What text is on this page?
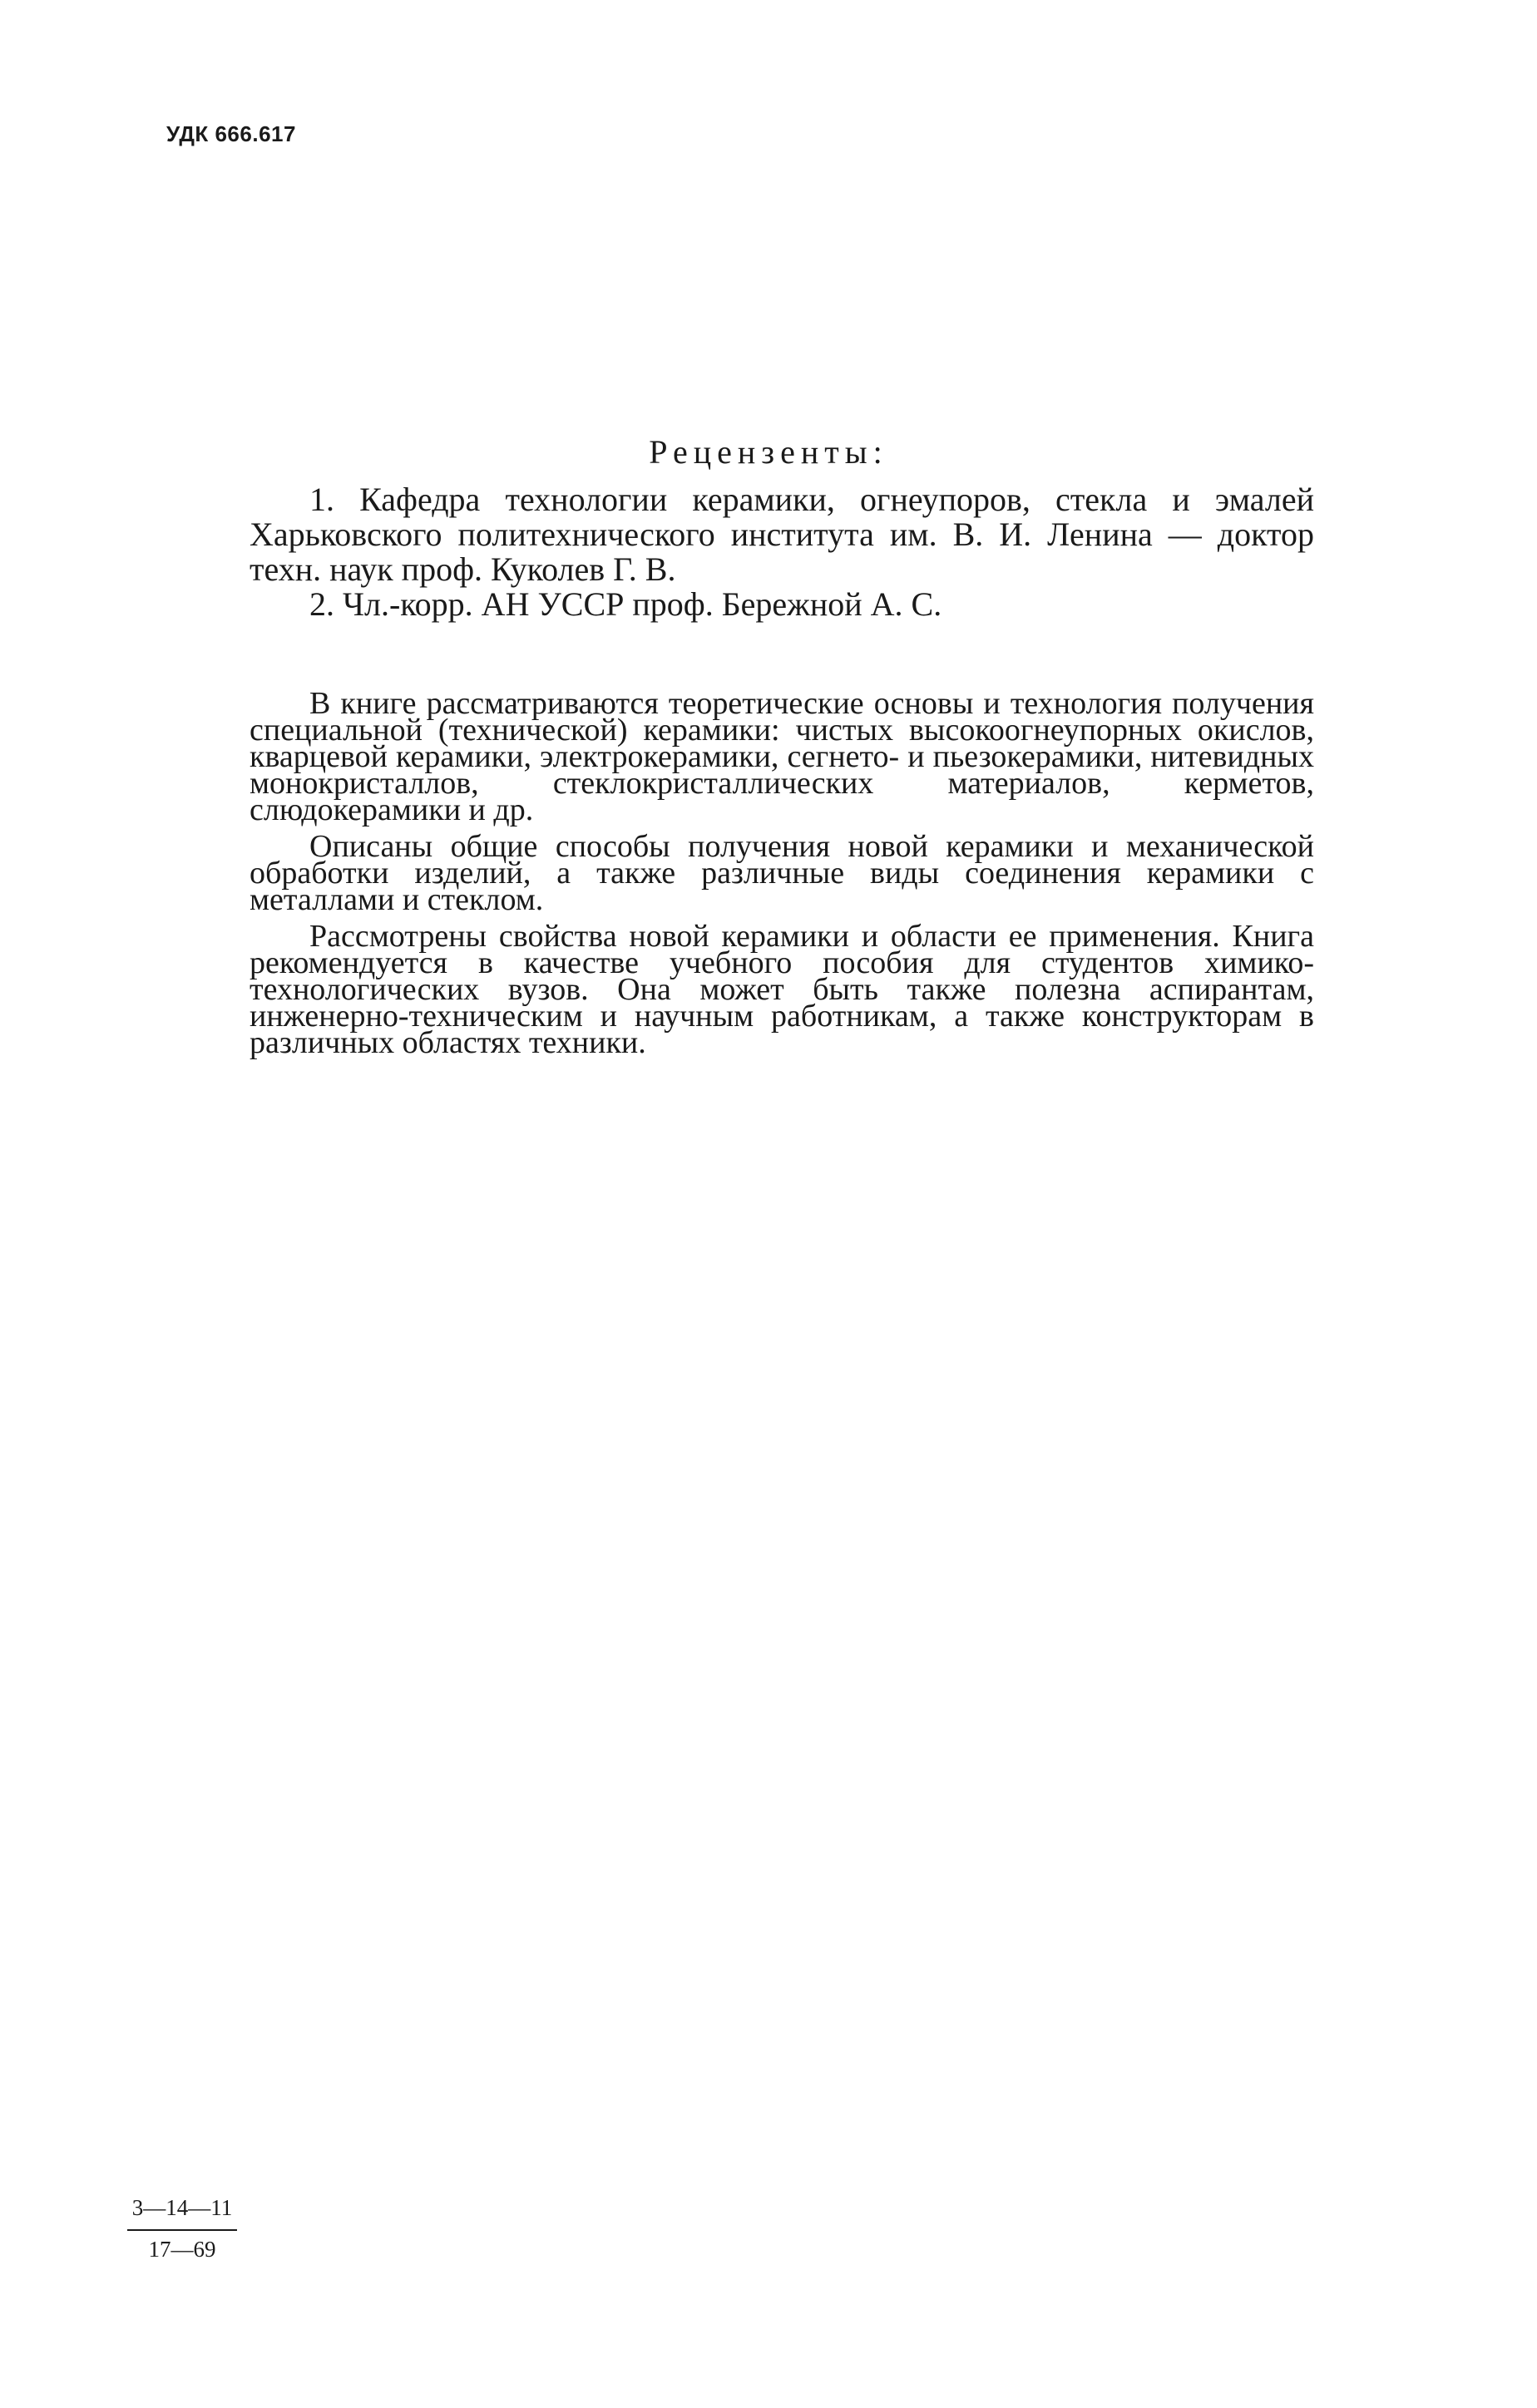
УДК 666.617
Рецензенты:

1. Кафедра технологии керамики, огнеупоров, стекла и эмалей Харьковского политехнического института им. В. И. Ленина — доктор техн. наук проф. Куколев Г. В.

2. Чл.-корр. АН УССР проф. Бережной А. С.

В книге рассматриваются теоретические основы и технология получения специальной (технической) керамики: чистых высокоогнеупорных окислов, кварцевой керамики, электрокерамики, сегнето- и пьезокерамики, нитевидных монокристаллов, стеклокристаллических материалов, керметов, слюдокерамики и др.

Описаны общие способы получения новой керамики и механической обработки изделий, а также различные виды соединения керамики с металлами и стеклом.

Рассмотрены свойства новой керамики и области ее применения. Книга рекомендуется в качестве учебного пособия для студентов химико-технологических вузов. Она может быть также полезна аспирантам, инженерно-техническим и научным работникам, а также конструкторам в различных областях техники.

3—14—11
17—69
